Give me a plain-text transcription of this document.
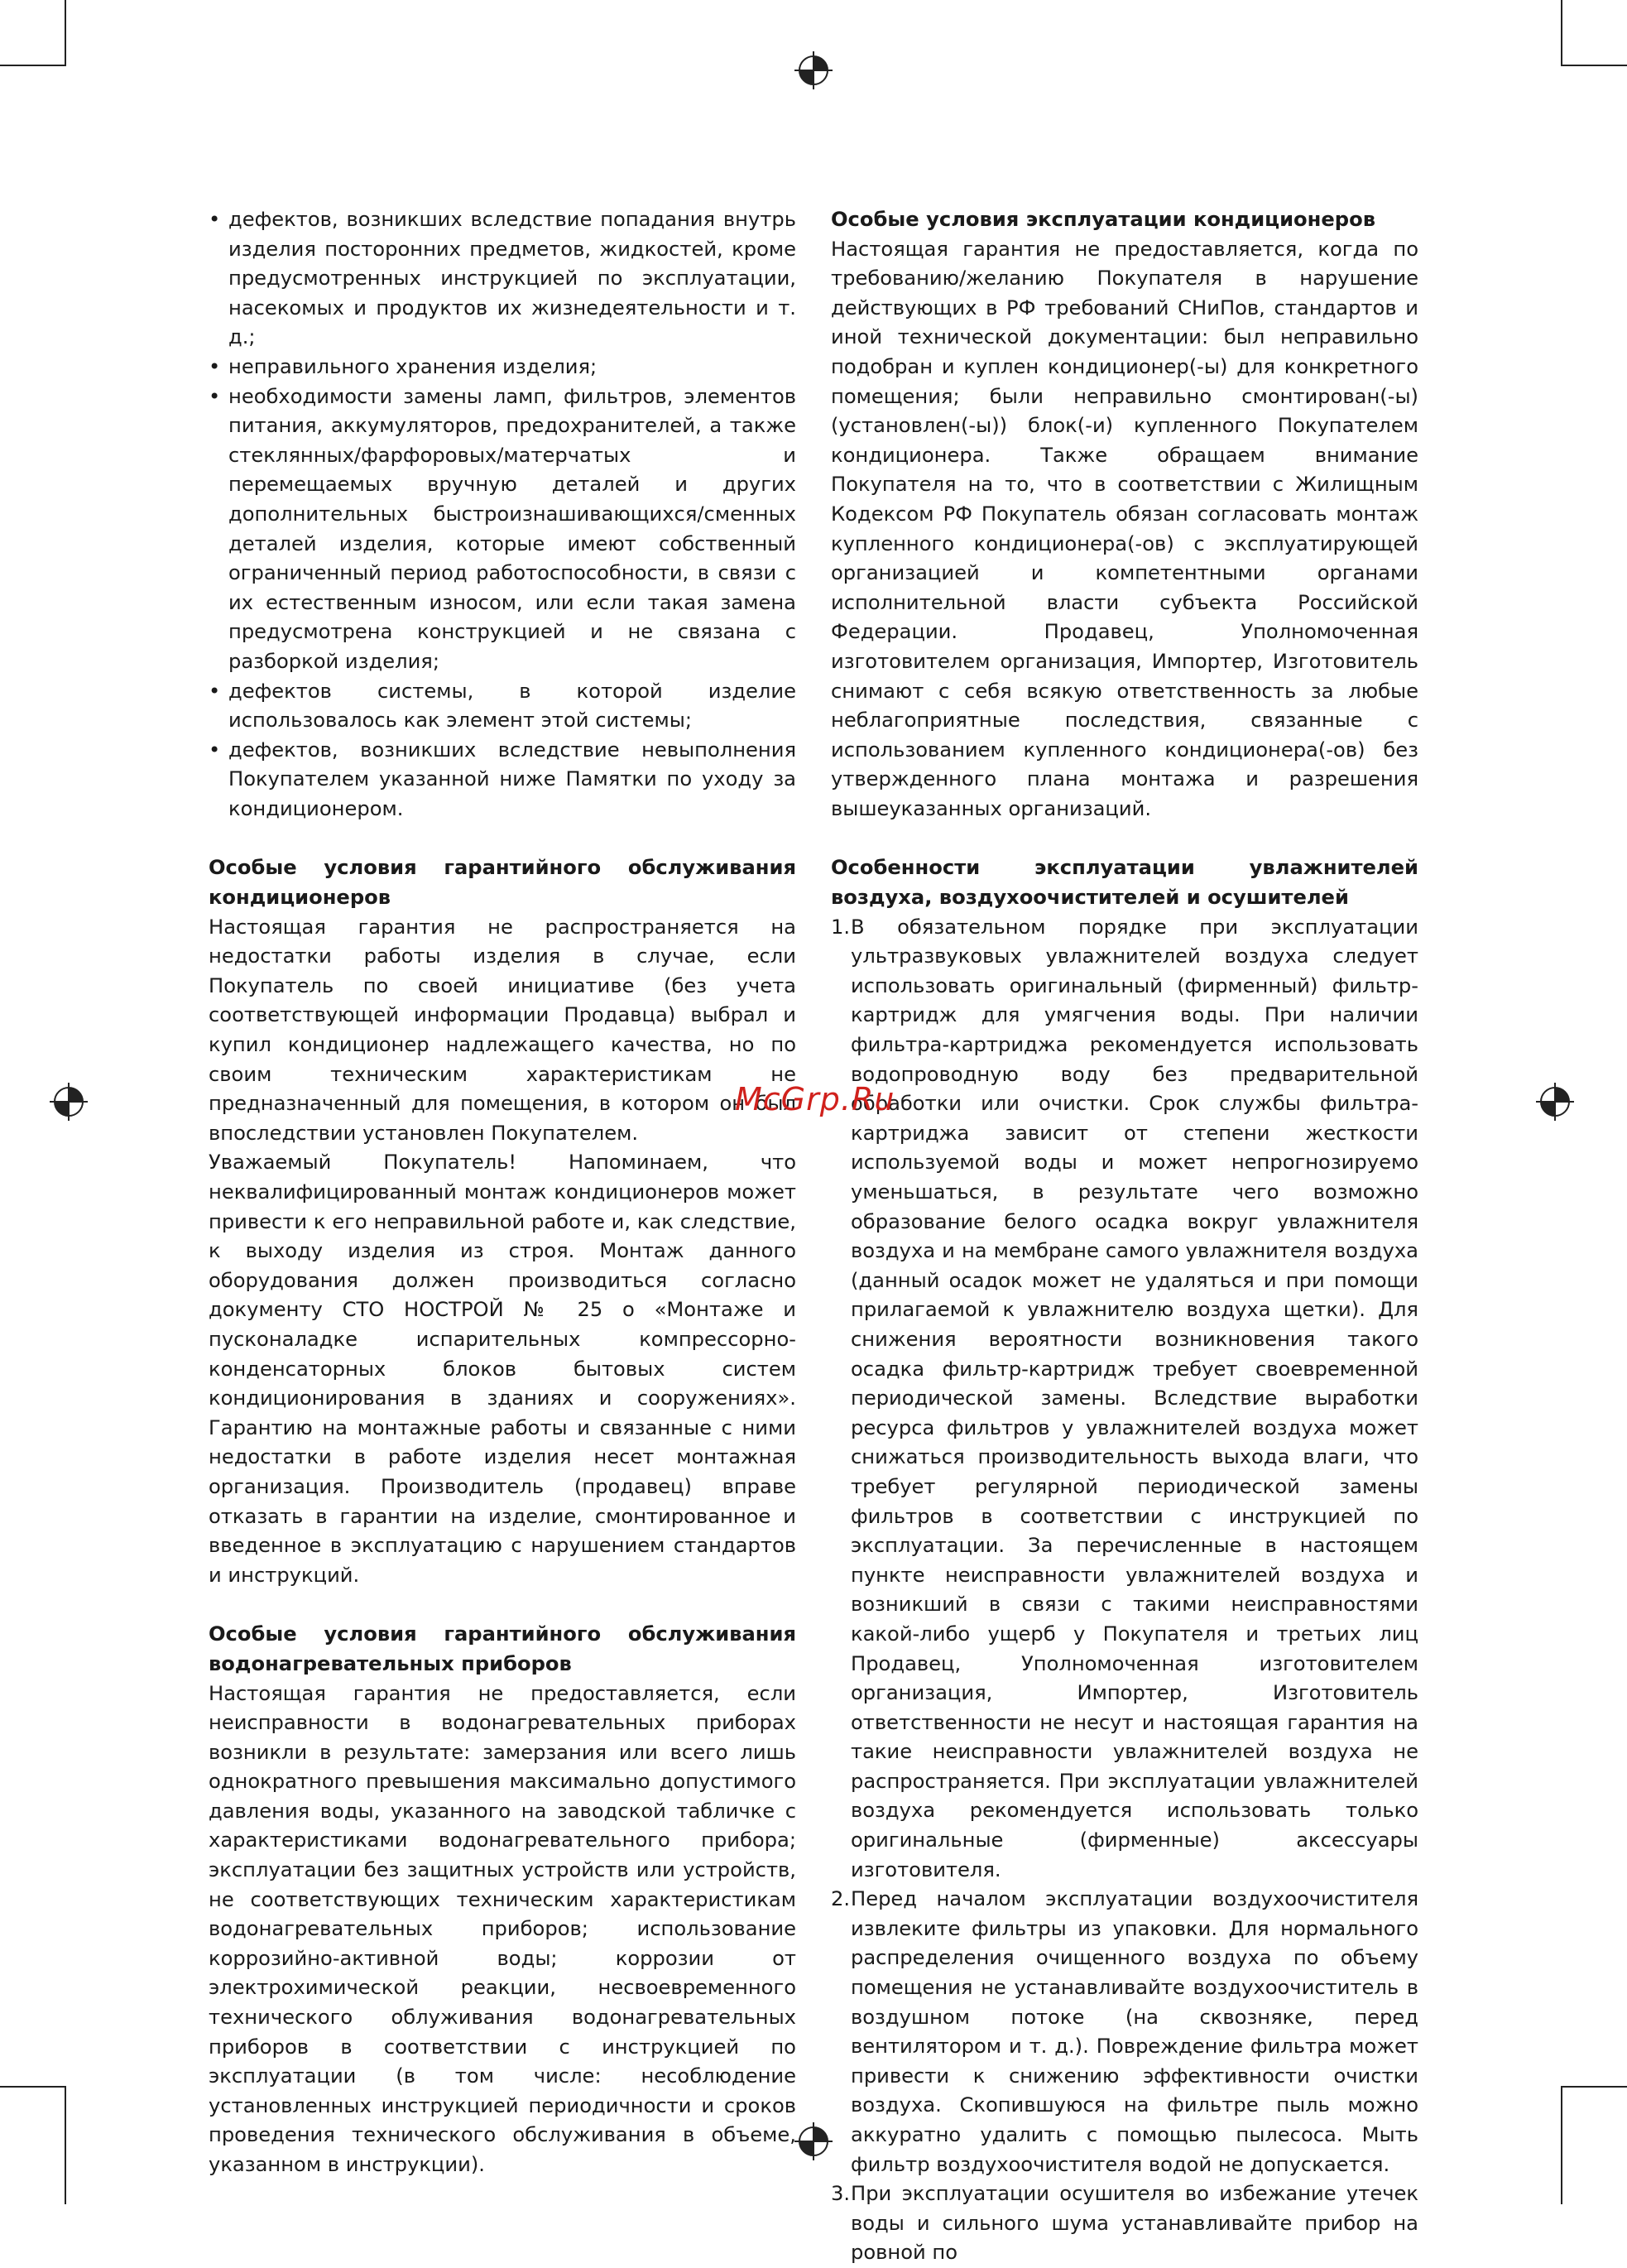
• дефектов, возникших вследствие попадания внутрь изделия посторонних предметов, жидкостей, кроме предусмотренных инструкцией по эксплуатации, насекомых и продуктов их жизнедеятельности и т. д.;
• неправильного хранения изделия;
• необходимости замены ламп, фильтров, элементов питания, аккумуляторов, предохранителей, а также стеклянных/фарфоровых/матерчатых и перемещаемых вручную деталей и других дополнительных быстроизнашивающихся/сменных деталей изделия, которые имеют собственный ограниченный период работоспособности, в связи с их естественным износом, или если такая замена предусмотрена конструкцией и не связана с разборкой изделия;
• дефектов системы, в которой изделие использовалось как элемент этой системы;
• дефектов, возникших вследствие невыполнения Покупателем указанной ниже Памятки по уходу за кондиционером.
Особые условия гарантийного обслуживания кондиционеров

Настоящая гарантия не распространяется на недостатки работы изделия в случае, если Покупатель по своей инициативе (без учета соответствующей информации Продавца) выбрал и купил кондиционер надлежащего качества, но по своим техническим характеристикам не предназначенный для помещения, в котором он был впоследствии установлен Покупателем.

Уважаемый Покупатель! Напоминаем, что неквалифицированный монтаж кондиционеров может привести к его неправильной работе и, как следствие, к выходу изделия из строя. Монтаж данного оборудования должен производиться согласно документу СТО НОСТРОЙ № 25 о «Монтаже и пусконаладке испарительных компрессорно-конденсаторных блоков бытовых систем кондиционирования в зданиях и сооружениях». Гарантию на монтажные работы и связанные с ними недостатки в работе изделия несет монтажная организация. Производитель (продавец) вправе отказать в гарантии на изделие, смонтированное и введенное в эксплуатацию с нарушением стандартов и инструкций.

Особые условия гарантийного обслуживания водонагревательных приборов

Настоящая гарантия не предоставляется, если неисправности в водонагревательных приборах возникли в результате: замерзания или всего лишь однократного превышения максимально допустимого давления воды, указанного на заводской табличке с характеристиками водонагревательного прибора; эксплуатации без защитных устройств или устройств, не соответствующих техническим характеристикам водонагревательных приборов; использование коррозийно-активной воды; коррозии от электрохимической реакции, несвоевременного технического облуживания водонагревательных приборов в соответствии с инструкцией по эксплуатации (в том числе: несоблюдение установленных инструкцией периодичности и сроков проведения технического обслуживания в объеме, указанном в инструкции).

Особые условия эксплуатации кондиционеров

Настоящая гарантия не предоставляется, когда по требованию/желанию Покупателя в нарушение действующих в РФ требований СНиПов, стандартов и иной технической документации: был неправильно подобран и куплен кондиционер(-ы) для конкретного помещения; были неправильно смонтирован(-ы) (установлен(-ы)) блок(-и) купленного Покупателем кондиционера. Также обращаем внимание Покупателя на то, что в соответствии с Жилищным Кодексом РФ Покупатель обязан согласовать монтаж купленного кондиционера(-ов) с эксплуатирующей организацией и компетентными органами исполнительной власти субъекта Российской Федерации. Продавец, Уполномоченная изготовителем организация, Импортер, Изготовитель снимают с себя всякую ответственность за любые неблагоприятные последствия, связанные с использованием купленного кондиционера(-ов) без утвержденного плана монтажа и разрешения вышеуказанных организаций.

Особенности эксплуатации увлажнителей воздуха, воздухоочистителей и осушителей
1. В обязательном порядке при эксплуатации ультразвуковых увлажнителей воздуха следует использовать оригинальный (фирменный) фильтр-картридж для умягчения воды. При наличии фильтра-картриджа рекомендуется использовать водопроводную воду без предварительной обработки или очистки. Срок службы фильтра-картриджа зависит от степени жесткости используемой воды и может непрогнозируемо уменьшаться, в результате чего возможно образование белого осадка вокруг увлажнителя воздуха и на мембране самого увлажнителя воздуха (данный осадок может не удаляться и при помощи прилагаемой к увлажнителю воздуха щетки). Для снижения вероятности возникновения такого осадка фильтр-картридж требует своевременной периодической замены. Вследствие выработки ресурса фильтров у увлажнителей воздуха может снижаться производительность выхода влаги, что требует регулярной периодической замены фильтров в соответствии с инструкцией по эксплуатации. За перечисленные в настоящем пункте неисправности увлажнителей воздуха и возникший в связи с такими неисправностями какой-либо ущерб у Покупателя и третьих лиц Продавец, Уполномоченная изготовителем организация, Импортер, Изготовитель ответственности не несут и настоящая гарантия на такие неисправности увлажнителей воздуха не распространяется. При эксплуатации увлажнителей воздуха рекомендуется использовать только оригинальные (фирменные) аксессуары изготовителя.
2. Перед началом эксплуатации воздухоочистителя извлеките фильтры из упаковки. Для нормального распределения очищенного воздуха по объему помещения не устанавливайте воздухоочиститель в воздушном потоке (на сквозняке, перед вентилятором и т. д.). Повреждение фильтра может привести к снижению эффективности очистки воздуха. Скопившуюся на фильтре пыль можно аккуратно удалить с помощью пылесоса. Мыть фильтр воздухоочистителя водой не допускается.
3. При эксплуатации осушителя во избежание утечек воды и сильного шума устанавливайте прибор на ровной по
McGrp.Ru
